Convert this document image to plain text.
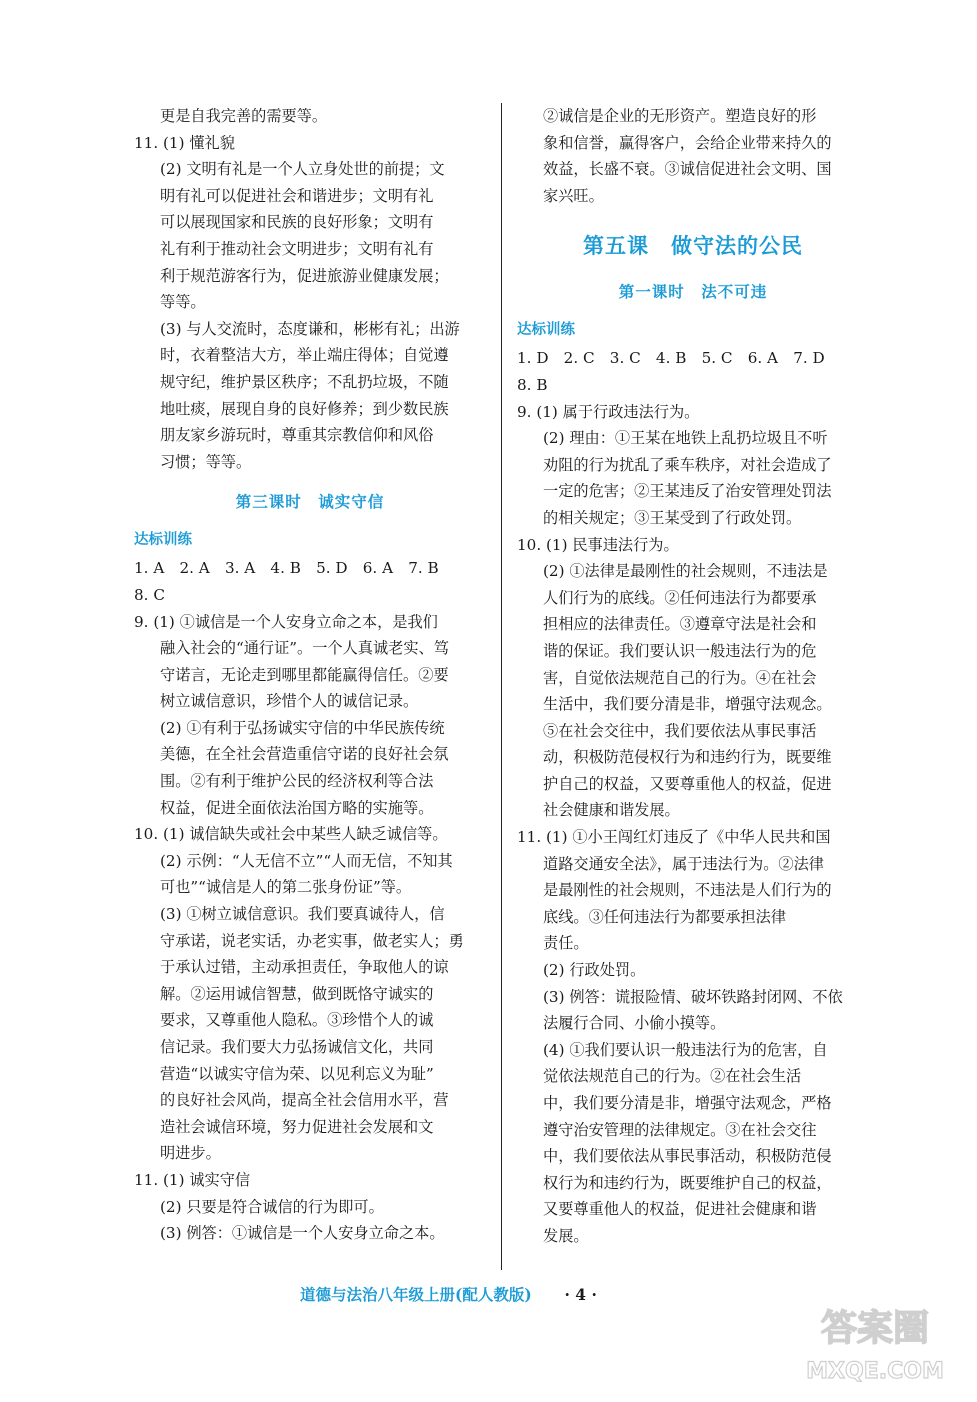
更是自我完善的需要等。

11. (1) 懂礼貌

(2) 文明有礼是一个人立身处世的前提；文

明有礼可以促进社会和谐进步；文明有礼

可以展现国家和民族的良好形象；文明有

礼有利于推动社会文明进步；文明有礼有

利于规范游客行为，促进旅游业健康发展；

等等。

(3) 与人交流时，态度谦和，彬彬有礼；出游

时，衣着整洁大方，举止端庄得体；自觉遵

规守纪，维护景区秩序；不乱扔垃圾，不随

地吐痰，展现自身的良好修养；到少数民族

朋友家乡游玩时，尊重其宗教信仰和风俗

习惯；等等。

第三课时　诚实守信
达标训练

1. A　2. A　3. A　4. B　5. D　6. A　7. B

8. C

9. (1) ①诚信是一个人安身立命之本，是我们

融入社会的“通行证”。一个人真诚老实、笃

守诺言，无论走到哪里都能赢得信任。②要

树立诚信意识，珍惜个人的诚信记录。

(2) ①有利于弘扬诚实守信的中华民族传统

美德，在全社会营造重信守诺的良好社会氛

围。②有利于维护公民的经济权利等合法

权益，促进全面依法治国方略的实施等。

10. (1) 诚信缺失或社会中某些人缺乏诚信等。

(2) 示例：“人无信不立”“人而无信，不知其

可也”“诚信是人的第二张身份证”等。

(3) ①树立诚信意识。我们要真诚待人，信

守承诺，说老实话，办老实事，做老实人；勇

于承认过错，主动承担责任，争取他人的谅

解。②运用诚信智慧，做到既恪守诚实的

要求，又尊重他人隐私。③珍惜个人的诚

信记录。我们要大力弘扬诚信文化，共同

营造“以诚实守信为荣、以见利忘义为耻”

的良好社会风尚，提高全社会信用水平，营

造社会诚信环境，努力促进社会发展和文

明进步。

11. (1) 诚实守信

(2) 只要是符合诚信的行为即可。

(3) 例答：①诚信是一个人安身立命之本。

②诚信是企业的无形资产。塑造良好的形

象和信誉，赢得客户，会给企业带来持久的

效益，长盛不衰。③诚信促进社会文明、国

家兴旺。

第五课　做守法的公民
第一课时　法不可违
达标训练

1. D　2. C　3. C　4. B　5. C　6. A　7. D

8. B

9. (1) 属于行政违法行为。

(2) 理由：①王某在地铁上乱扔垃圾且不听

劝阻的行为扰乱了乘车秩序，对社会造成了

一定的危害；②王某违反了治安管理处罚法

的相关规定；③王某受到了行政处罚。

10. (1) 民事违法行为。

(2) ①法律是最刚性的社会规则，不违法是

人们行为的底线。②任何违法行为都要承

担相应的法律责任。③遵章守法是社会和

谐的保证。我们要认识一般违法行为的危

害，自觉依法规范自己的行为。④在社会

生活中，我们要分清是非，增强守法观念。

⑤在社会交往中，我们要依法从事民事活

动，积极防范侵权行为和违约行为，既要维

护自己的权益，又要尊重他人的权益，促进

社会健康和谐发展。

11. (1) ①小王闯红灯违反了《中华人民共和国

道路交通安全法》，属于违法行为。②法律

是最刚性的社会规则，不违法是人们行为的

底线。③任何违法行为都要承担法律

责任。

(2) 行政处罚。

(3) 例答：谎报险情、破坏铁路封闭网、不依

法履行合同、小偷小摸等。

(4) ①我们要认识一般违法行为的危害，自

觉依法规范自己的行为。②在社会生活

中，我们要分清是非，增强守法观念，严格

遵守治安管理的法律规定。③在社会交往

中，我们要依法从事民事活动，积极防范侵

权行为和违约行为，既要维护自己的权益，

又要尊重他人的权益，促进社会健康和谐

发展。

道德与法治八年级上册(配人教版) · 4 ·
答案圈
MXQE.COM
